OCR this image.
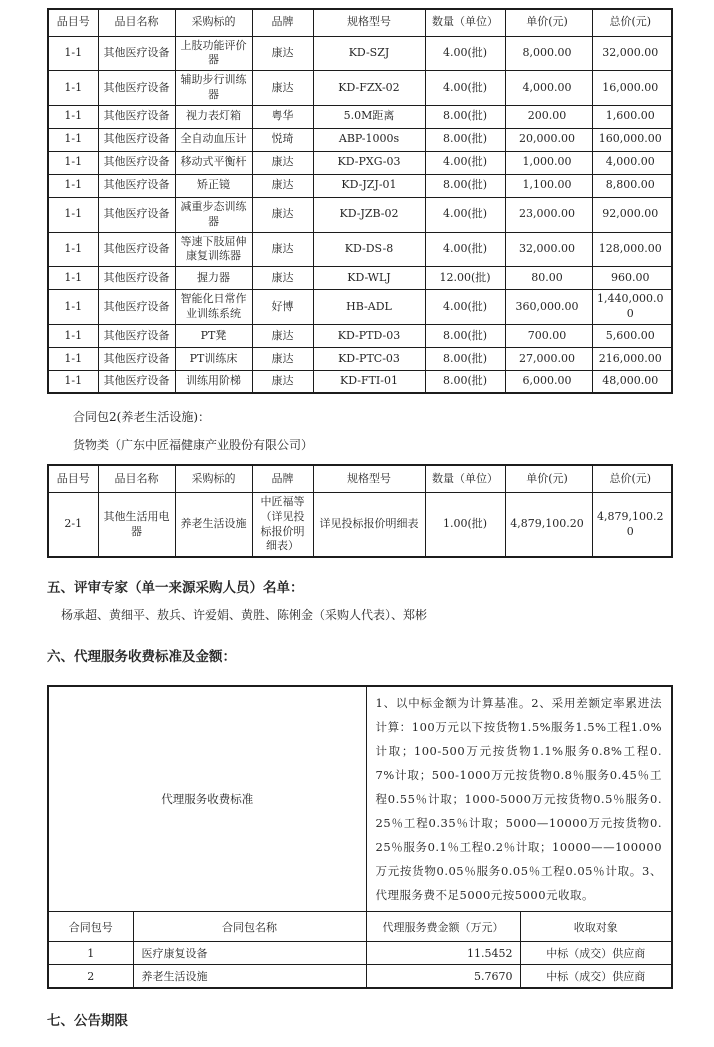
品目号	品目名称	采购标的	品牌	规格型号	数量（单位）	单价(元)	总价(元)
1-1	其他医疗设备	上肢功能评价器	康达	KD-SZJ	4.00(批)	8,000.00	32,000.00
1-1	其他医疗设备	辅助步行训练器	康达	KD-FZX-02	4.00(批)	4,000.00	16,000.00
1-1	其他医疗设备	视力表灯箱	粤华	5.0M距离	8.00(批)	200.00	1,600.00
1-1	其他医疗设备	全自动血压计	悦琦	ABP-1000s	8.00(批)	20,000.00	160,000.00
1-1	其他医疗设备	移动式平衡杆	康达	KD-PXG-03	4.00(批)	1,000.00	4,000.00
1-1	其他医疗设备	矫正镜	康达	KD-JZJ-01	8.00(批)	1,100.00	8,800.00
1-1	其他医疗设备	减重步态训练器	康达	KD-JZB-02	4.00(批)	23,000.00	92,000.00
1-1	其他医疗设备	等速下肢屈伸康复训练器	康达	KD-DS-8	4.00(批)	32,000.00	128,000.00
1-1	其他医疗设备	握力器	康达	KD-WLJ	12.00(批)	80.00	960.00
1-1	其他医疗设备	智能化日常作业训练系统	好博	HB-ADL	4.00(批)	360,000.00	1,440,000.00
1-1	其他医疗设备	PT凳	康达	KD-PTD-03	8.00(批)	700.00	5,600.00
1-1	其他医疗设备	PT训练床	康达	KD-PTC-03	8.00(批)	27,000.00	216,000.00
1-1	其他医疗设备	训练用阶梯	康达	KD-FTI-01	8.00(批)	6,000.00	48,000.00

合同包2(养老生活设施)：

货物类（广东中匠福健康产业股份有限公司）

品目号	品目名称	采购标的	品牌	规格型号	数量（单位）	单价(元)	总价(元)
2-1	其他生活用电器	养老生活设施	中匠福等（详见投标报价明细表）	详见投标报价明细表	1.00(批)	4,879,100.20	4,879,100.20
五、评审专家（单一来源采购人员）名单：

杨承超、黄细平、敖兵、许爱娟、黄胜、陈俐金（采购人代表）、郑彬

六、代理服务收费标准及金额：
代理服务收费标准		1、以中标金额为计算基准。2、采用差额定率累进法计算：100万元以下按货物1.5%服务1.5%工程1.0%计取；100-500万元按货物1.1%服务0.8%工程0.7%计取；500-1000万元按货物0.8％服务0.45％工程0.55％计取；1000-5000万元按货物0.5％服务0.25％工程0.35％计取；5000—10000万元按货物0.25％服务0.1％工程0.2％计取；10000——100000万元按货物0.05％服务0.05％工程0.05％计取。3、代理服务费不足5000元按5000元收取。	
合同包号	合同包名称	代理服务费金额（万元）	收取对象
1	医疗康复设备	11.5452	中标（成交）供应商
2	养老生活设施	5.7670	中标（成交）供应商
七、公告期限
